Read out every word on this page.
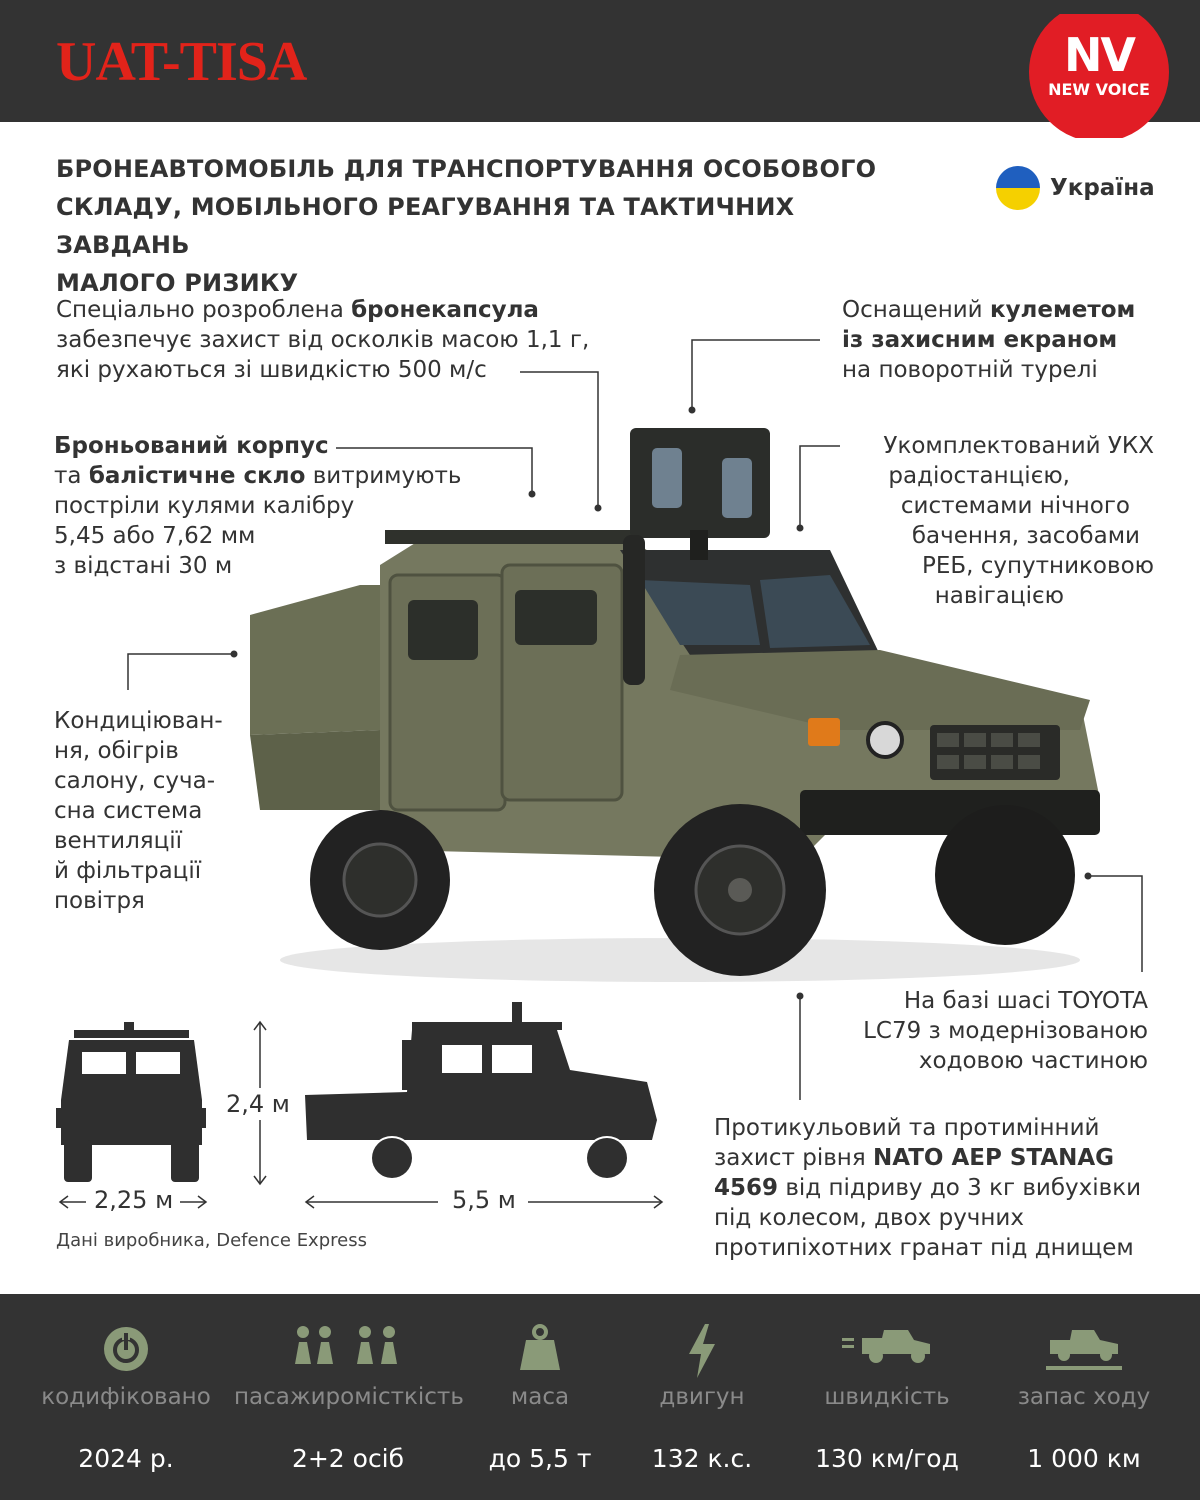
UAT-TISA	NV
NEW VOICE
БРОНЕАВТОМОБІЛЬ ДЛЯ ТРАНСПОРТУВАННЯ ОСОБОВОГО
СКЛАДУ, МОБІЛЬНОГО РЕАГУВАННЯ ТА ТАКТИЧНИХ ЗАВДАНЬ
МАЛОГО РИЗИКУ
Україна
Спеціально розроблена бронекапсула
забезпечує захист від осколків масою 1,1 г,
які рухаються зі швидкістю 500 м/с
Оснащений кулеметом
із захисним екраном
на поворотній турелі
Броньований корпус
та балістичне скло витримують
постріли кулями калібру
5,45 або 7,62 мм
з відстані 30 м
Укомплектований УКХ
радіостанцією,
системами нічного
бачення, засобами
РЕБ, супутниковою
навігацією
Кондиціюван-
ня, обігрів
салону, суча-
сна система
вентиляції
й фільтрації
повітря
На базі шасі TOYOTA
LC79 з модернізованою
ходовою частиною
Протикульовий та протимінний
захист рівня NATO AEP STANAG
4569 від підриву до 3 кг вибухівки
під колесом, двох ручних
протипіхотних гранат під днищем
2,4 м
2,25 м	5,5 м
Дані виробника, Defence Express
кодифіковано
2024 р.
пасажиромісткість
2+2 осіб
маса
до 5,5 т
двигун
132 к.с.
швидкість
130 км/год
запас ходу
1 000 км
